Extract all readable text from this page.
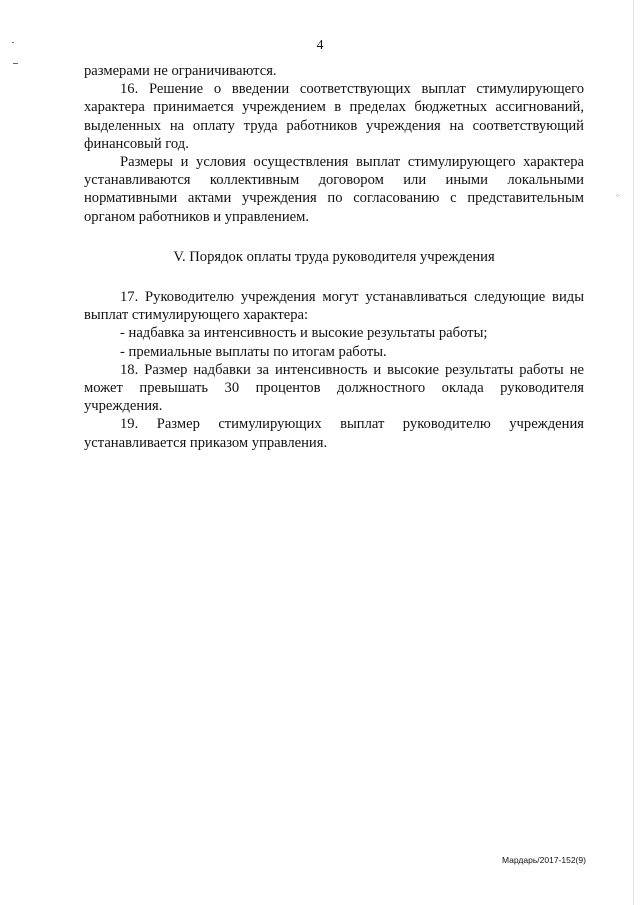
4

размерами не ограничиваются.

16. Решение о введении соответствующих выплат стимулирующего характера принимается учреждением в пределах бюджетных ассигнований, выделенных на оплату труда работников учреждения на соответствующий финансовый год.

Размеры и условия осуществления выплат стимулирующего характера устанавливаются коллективным договором или иными локальными нормативными актами учреждения по согласованию с представительным органом работников и управлением.

V. Порядок оплаты труда руководителя учреждения

17. Руководителю учреждения могут устанавливаться следующие виды выплат стимулирующего характера:

- надбавка за интенсивность и высокие результаты работы;

- премиальные выплаты по итогам работы.

18. Размер надбавки за интенсивность и высокие результаты работы не может превышать 30 процентов должностного оклада руководителя учреждения.

19. Размер стимулирующих выплат руководителю учреждения устанавливается приказом управления.

⁘
Мардарь/2017-152(9)
